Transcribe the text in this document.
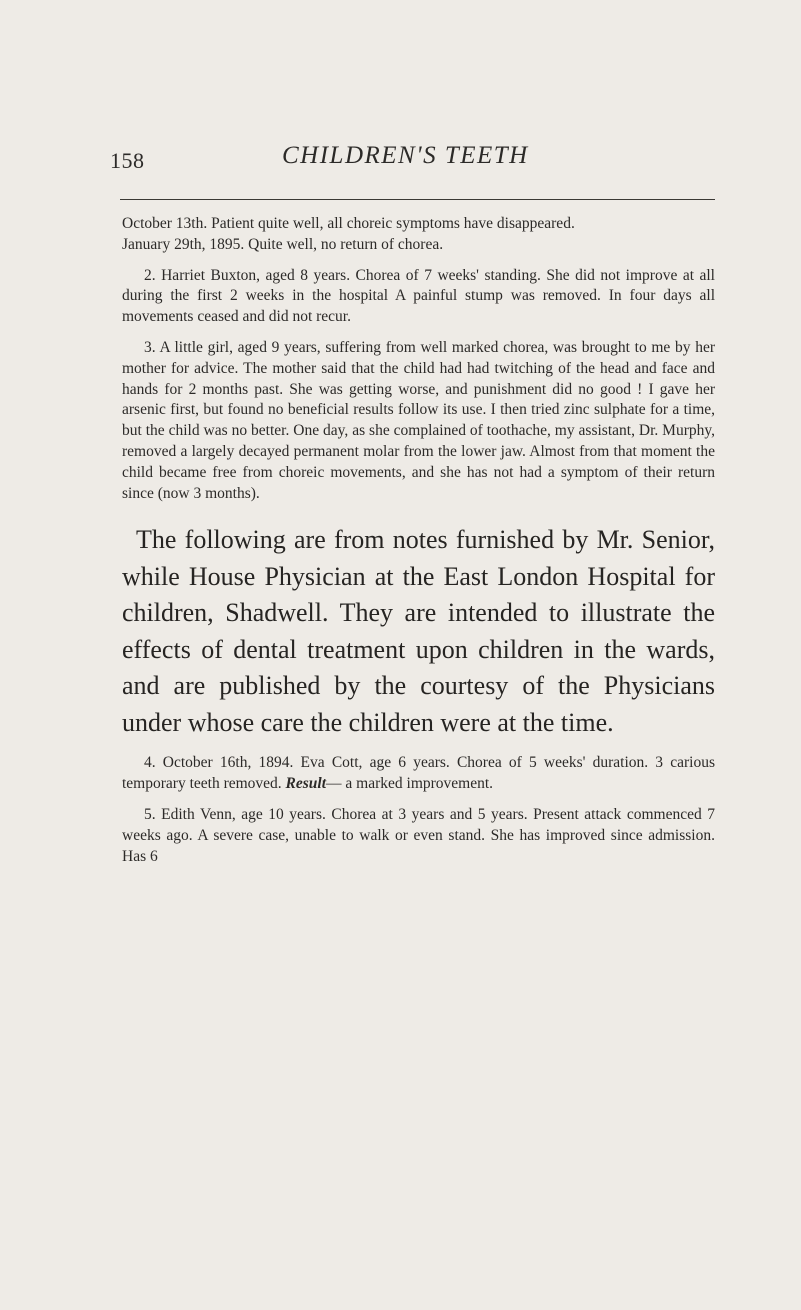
158	CHILDREN'S TEETH

October 13th. Patient quite well, all choreic symptoms have disappeared.

January 29th, 1895. Quite well, no return of chorea.

2. Harriet Buxton, aged 8 years. Chorea of 7 weeks' standing. She did not improve at all during the first 2 weeks in the hospital A painful stump was removed. In four days all movements ceased and did not recur.

3. A little girl, aged 9 years, suffering from well marked chorea, was brought to me by her mother for advice. The mother said that the child had had twitching of the head and face and hands for 2 months past. She was getting worse, and punishment did no good ! I gave her arsenic first, but found no beneficial results follow its use. I then tried zinc sulphate for a time, but the child was no better. One day, as she complained of toothache, my assistant, Dr. Murphy, removed a largely decayed permanent molar from the lower jaw. Almost from that moment the child became free from choreic movements, and she has not had a symptom of their return since (now 3 months).

The following are from notes furnished by Mr. Senior, while House Physician at the East London Hospital for children, Shadwell. They are intended to illustrate the effects of dental treatment upon children in the wards, and are published by the courtesy of the Physicians under whose care the children were at the time.

4. October 16th, 1894. Eva Cott, age 6 years. Chorea of 5 weeks' duration. 3 carious temporary teeth removed. Result— a marked improvement.

5. Edith Venn, age 10 years. Chorea at 3 years and 5 years. Present attack commenced 7 weeks ago. A severe case, unable to walk or even stand. She has improved since admission. Has 6
